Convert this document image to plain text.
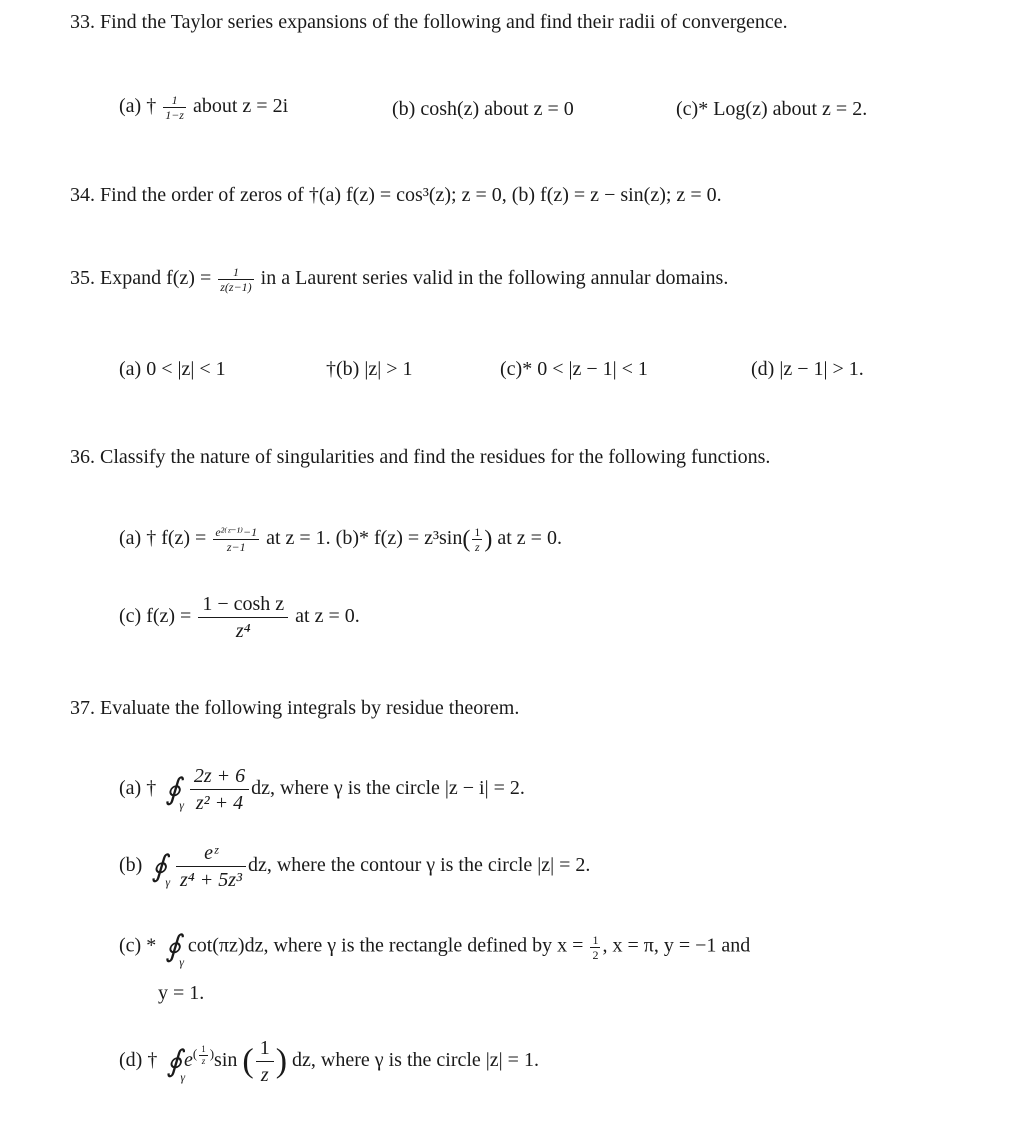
33. Find the Taylor series expansions of the following and find their radii of convergence.
(a) † $\frac{1}{1-z}$ about z = 2i	(b) cosh(z) about z = 0	(c)* Log(z) about z = 2.
34. Find the order of zeros of †(a) f(z) = cos³(z); z = 0, (b) f(z) = z − sin(z); z = 0.
35. Expand $f(z) = \frac{1}{z(z-1)}$ in a Laurent series valid in the following annular domains.
(a) 0 < |z| < 1	†(b) |z| > 1	(c)* 0 < |z − 1| < 1	(d) |z − 1| > 1.
36. Classify the nature of singularities and find the residues for the following functions.
(a) † $f(z) = \frac{\text{e²⁽ᶻ⁻¹⁾−1}}{z-1}$ at z = 1. (b)* $f(z) = z^3\sin( \frac{1}{z}$ ) at z = 0.
(c) $f(z) = \frac{\text{1 − cosh z}}{\text{z⁴}}$ at z = 0.
37. Evaluate the following integrals by residue theorem.
(a) † ∮
γ
$\frac{2z + 6}{\text{z² + 4}}$ dz, where γ is the circle |z − i| = 2.
(b) ∮
γ
$\frac{\text{eᶻ}}{\text{z⁴ + 5z³}}$ dz, where the contour γ is the circle |z| = 2.
(c) * ∮
γ
cot(πz)dz, where γ is the rectangle defined by $x = \frac{1}{2}$ , x = π, y = −1 and
y = 1.
(d) † ∮
γ
$e^{( \frac{1}{z} )}\sin$ ( $\frac{1}{z}$ ) dz, where γ is the circle |z| = 1.
